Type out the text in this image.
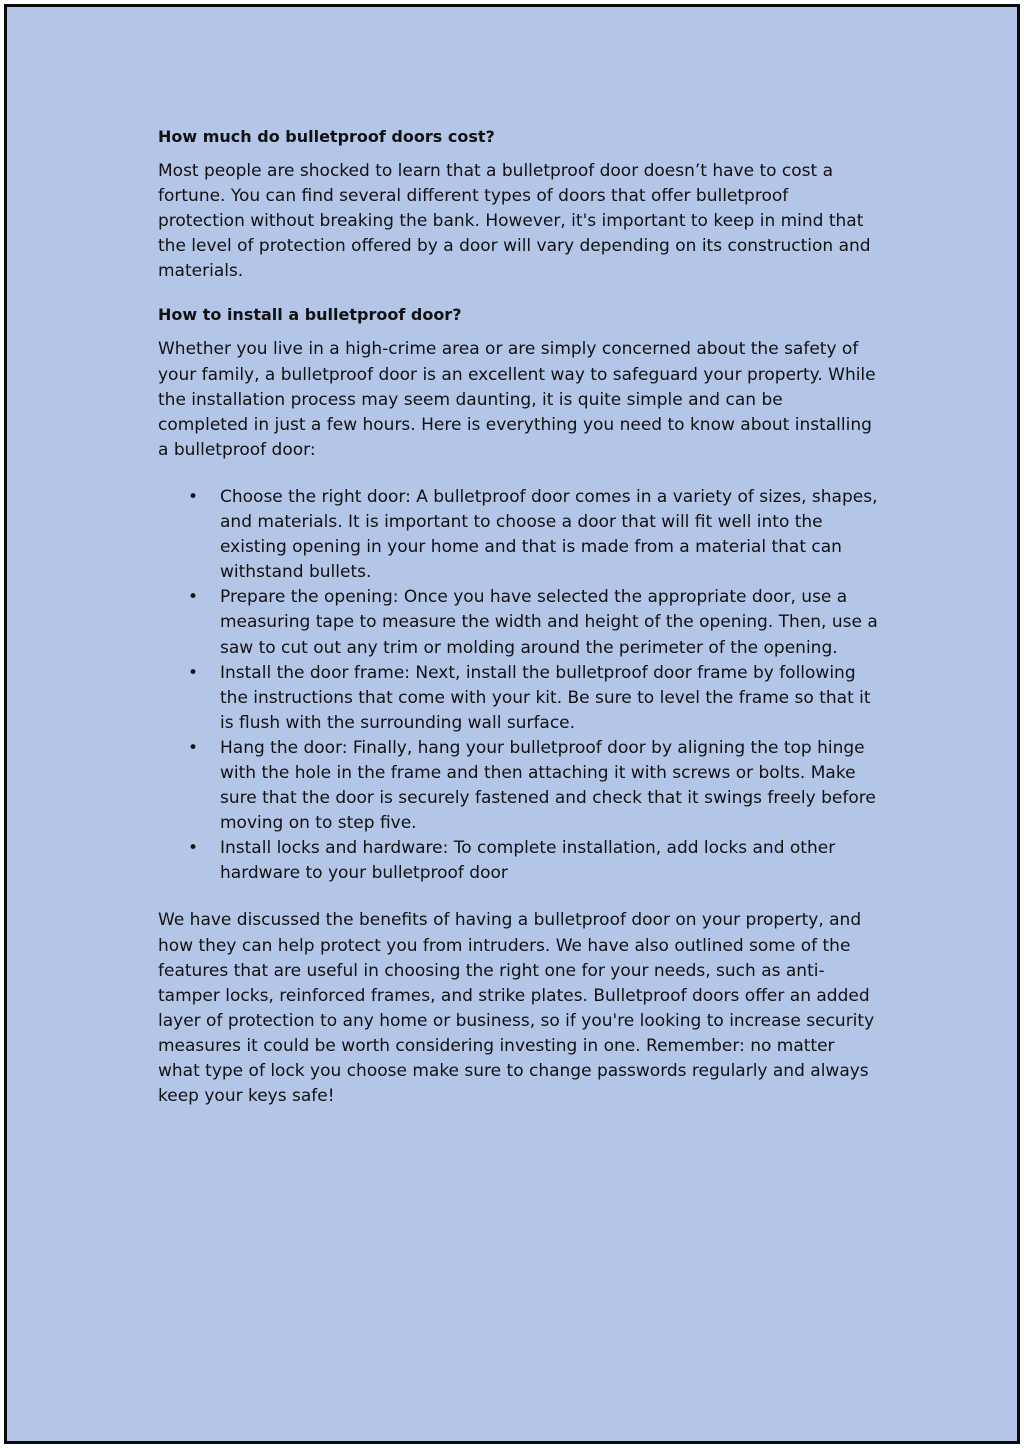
How much do bulletproof doors cost?

Most people are shocked to learn that a bulletproof door doesn’t have to cost a fortune. You can find several different types of doors that offer bulletproof protection without breaking the bank. However, it's important to keep in mind that the level of protection offered by a door will vary depending on its construction and materials.

How to install a bulletproof door?

Whether you live in a high-crime area or are simply concerned about the safety of your family, a bulletproof door is an excellent way to safeguard your property. While the installation process may seem daunting, it is quite simple and can be completed in just a few hours. Here is everything you need to know about installing a bulletproof door:

• Choose the right door: A bulletproof door comes in a variety of sizes, shapes, and materials. It is important to choose a door that will fit well into the existing opening in your home and that is made from a material that can withstand bullets.
• Prepare the opening: Once you have selected the appropriate door, use a measuring tape to measure the width and height of the opening. Then, use a saw to cut out any trim or molding around the perimeter of the opening.
• Install the door frame: Next, install the bulletproof door frame by following the instructions that come with your kit. Be sure to level the frame so that it is flush with the surrounding wall surface.
• Hang the door: Finally, hang your bulletproof door by aligning the top hinge with the hole in the frame and then attaching it with screws or bolts. Make sure that the door is securely fastened and check that it swings freely before moving on to step five.
• Install locks and hardware: To complete installation, add locks and other hardware to your bulletproof door

We have discussed the benefits of having a bulletproof door on your property, and how they can help protect you from intruders. We have also outlined some of the features that are useful in choosing the right one for your needs, such as anti-tamper locks, reinforced frames, and strike plates. Bulletproof doors offer an added layer of protection to any home or business, so if you're looking to increase security measures it could be worth considering investing in one. Remember: no matter what type of lock you choose make sure to change passwords regularly and always keep your keys safe!
